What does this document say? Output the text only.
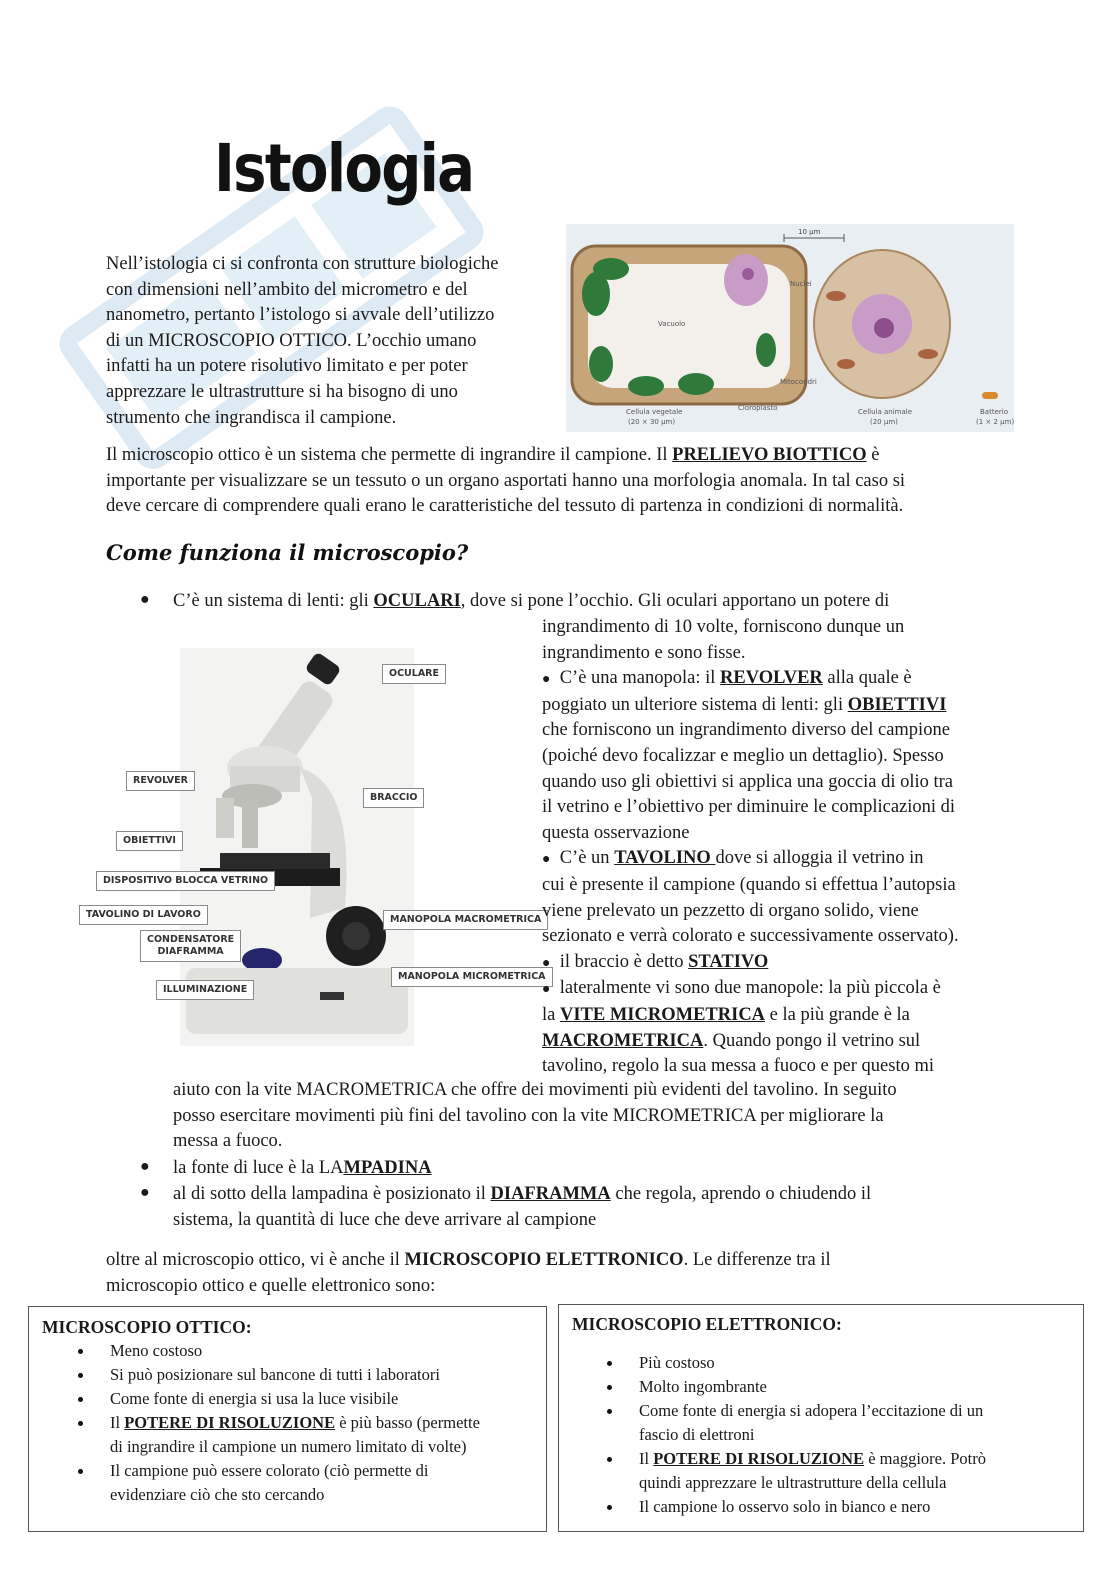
Istologia
Nell’istologia ci si confronta con strutture biologiche
con dimensioni nell’ambito del micrometro e del
nanometro, pertanto l’istologo si avvale dell’utilizzo
di un MICROSCOPIO OTTICO. L’occhio umano
infatti ha un potere risolutivo limitato e per poter
apprezzare le ultrastrutture si ha bisogno di uno
strumento che ingrandisca il campione.
10 µm
Vacuolo
Nuclei
Mitocondri
Cloroplasto
Cellula vegetale
(20 × 30 µm)
Cellula animale
(20 µm)
Batterio
(1 × 2 µm)
Il microscopio ottico è un sistema che permette di ingrandire il campione. Il PRELIEVO BIOTTICO è
importante per visualizzare se un tessuto o un organo asportati hanno una morfologia anomala. In tal caso si
deve cercare di comprendere quali erano le caratteristiche del tessuto di partenza in condizioni di normalità.
Come funziona il microscopio?
OCULARE
REVOLVER
BRACCIO
OBIETTIVI
DISPOSITIVO BLOCCA VETRINO
TAVOLINO DI LAVORO
CONDENSATORE
DIAFRAMMA
MANOPOLA MACROMETRICA
MANOPOLA MICROMETRICA
ILLUMINAZIONE
● C’è un sistema di lenti: gli OCULARI, dove si pone l’occhio. Gli oculari apportano un potere di
ingrandimento di 10 volte, forniscono dunque un
ingrandimento e sono fisse.
● C’è una manopola: il REVOLVER alla quale è
poggiato un ulteriore sistema di lenti: gli OBIETTIVI
che forniscono un ingrandimento diverso del campione
(poiché devo focalizzar e meglio un dettaglio). Spesso
quando uso gli obiettivi si applica una goccia di olio tra
il vetrino e l’obiettivo per diminuire le complicazioni di
questa osservazione
● C’è un TAVOLINO dove si alloggia il vetrino in
cui è presente il campione (quando si effettua l’autopsia
viene prelevato un pezzetto di organo solido, viene
sezionato e verrà colorato e successivamente osservato).
● il braccio è detto STATIVO
● lateralmente vi sono due manopole: la più piccola è
la VITE MICROMETRICA e la più grande è la
MACROMETRICA. Quando pongo il vetrino sul
tavolino, regolo la sua messa a fuoco e per questo mi
aiuto con la vite MACROMETRICA che offre dei movimenti più evidenti del tavolino. In seguito
posso esercitare movimenti più fini del tavolino con la vite MICROMETRICA per migliorare la
messa a fuoco.
● la fonte di luce è la LAMPADINA
● al di sotto della lampadina è posizionato il DIAFRAMMA che regola, aprendo o chiudendo il
sistema, la quantità di luce che deve arrivare al campione
oltre al microscopio ottico, vi è anche il MICROSCOPIO ELETTRONICO. Le differenze tra il
microscopio ottico e quelle elettronico sono:
MICROSCOPIO OTTICO:
Meno costoso
Si può posizionare sul bancone di tutti i laboratori
Come fonte di energia si usa la luce visibile
Il POTERE DI RISOLUZIONE è più basso (permette
di ingrandire il campione un numero limitato di volte)
Il campione può essere colorato (ciò permette di
evidenziare ciò che sto cercando
MICROSCOPIO ELETTRONICO:
Più costoso
Molto ingombrante
Come fonte di energia si adopera l’eccitazione di un
fascio di elettroni
Il POTERE DI RISOLUZIONE è maggiore. Potrò
quindi apprezzare le ultrastrutture della cellula
Il campione lo osservo solo in bianco e nero
